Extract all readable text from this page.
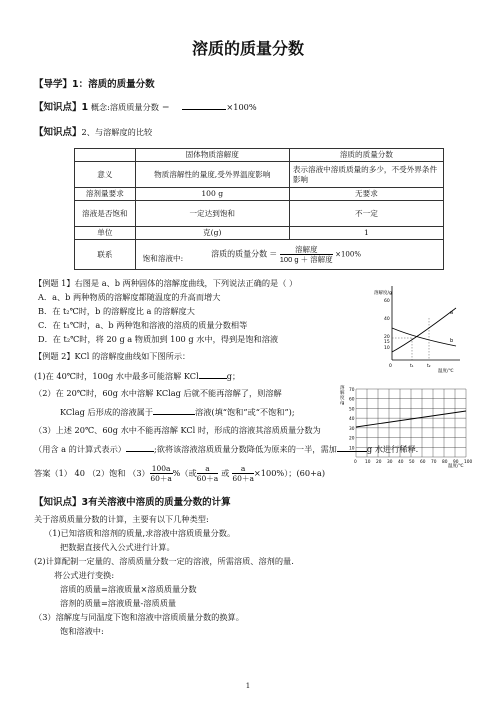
溶质的质量分数
【导学】1：溶质的质量分数
【知识点】1 概念:溶质质量分数 ＝	×100%
【知识点】2、与溶解度的比较
	固体物质溶解度	溶质的质量分数
意义	物质溶解性的量度,受外界温度影响	表示溶液中溶质质量的多少，不受外界条件影响
溶剂量要求	100 g	无要求
溶液是否饱和	一定达到饱和	不一定
单位	克(g)	1
联系	饱和溶液中: 溶质的质量分数 ＝ $\frac{\text{溶解度}}{\text{100 g ＋ 溶解度}} \times 100\%$	
【例题 1】右图是 a、b 两种固体的溶解度曲线，下列说法正确的是（ ）
A．a、b 两种物质的溶解度都随温度的升高而增大
B．在 t₂℃时，b 的溶解度比 a 的溶解度大
C．在 t₁℃时，a、b 两种饱和溶液的溶质的质量分数相等
D．在 t₂℃时，将 20 g a 物质加到 100 g 水中，得到是饱和溶液
溶解度/g
温度/℃
60
40
20
15
10
0	t₁	t₂
a
b
【例题 2】KCl 的溶解度曲线如下图所示：
(1)在 40℃时，100g 水中最多可能溶解 KCl	g；
（2）在 20℃时，60g 水中溶解 KClag 后就不能再溶解了，则溶解
KClag 后形成的溶液属于	溶液(填“饱和”或“不饱和”);
（3）上述 20℃、60g 水中不能再溶解 KCl 时，形成的溶液其溶质质量分数为
（用含 a 的计算式表示）	;欲将该溶液溶质质量分数降低为原来的一半，需加	g 水进行稀释.
答案（1） 40 （2）饱和 $(3) \frac{100a}{60+a}$ %（或 $\frac{a}{60+a}$ 或 $\frac{a}{60+a} \times 100\%$）；(60+a)
溶解度/g
70
60
50
40
30
20
10
0 10 20 30 40 50 60 70 80 90 100
温度/℃
【知识点】3有关溶液中溶质的质量分数的计算
关于溶质质量分数的计算，主要有以下几种类型:
（1)已知溶质和溶剂的质量,求溶液中溶质质量分数。
把数据直接代入公式进行计算。
(2)计算配制一定量的、溶质质量分数一定的溶液，所需溶质、溶剂的量.
将公式进行变换:
溶质的质量=溶液质量×溶质质量分数
溶剂的质量=溶液质量-溶质质量
（3）溶解度与同温度下饱和溶液中溶质质量分数的换算。
饱和溶液中:
1
